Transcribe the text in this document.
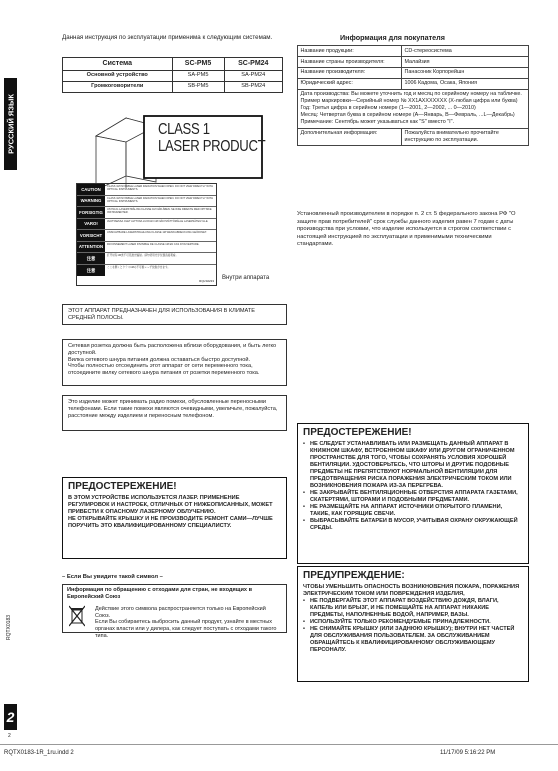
РУССКИЙ ЯЗЫК
RQTX0183
2
2
Данная инструкция по эксплуатации применима к следующим системам.
Система	SC-PM5	SC-PM24
Основной устройство	SA-PM5	SA-PM24
Громкоговорители	SB-PM5	SB-PM24
CLASS 1
LASER PRODUCT
CAUTION
CLASS 1M INVISIBLE LASER RADIATION WHEN OPEN. DO NOT VIEW DIRECTLY WITH OPTICAL INSTRUMENTS.
WARNING
CLASS 1M INVISIBLE LASER RADIATION WHEN OPEN. DO NOT VIEW DIRECTLY WITH OPTICAL INSTRUMENTS.
FORSIGTIG
USYNLIG LASERSTRÅLING KLASSE 1M NÅR ÅBEN. SE IKKE DIREKTE MED OPTISKE INSTRUMENTER.
VARO!
AVATTAESSA OLET ALTTIINA LUOKAN 1M NÄKYMÄTTÖMÄLLE LASERSÄTEILYLLE.
VORSICHT
UNSICHTBARE LASERSTRAHLUNG KLASSE 1M WENN ABDECKUNG GEÖFFNET.
ATTENTION
RAYONNEMENT LASER INVISIBLE DE CLASSE 1M EN CAS D'OUVERTURE.
注意
打开时有1M类不可见激光辐射。请勿使用光学仪器直接观看。
注意
ここを開くとクラス1Mの不可視レーザ放射が出ます。
RQLS0233
Внутри аппарата
Информация для покупателя
Название продукции:	CD-стереосистема
Название страны производителя:	Малайзия
Название производителя:	Панасоник Корпорейшн
Юридический адрес:	1006 Кадома, Осака, Япония
Дата производства: Вы можете уточнить год и месяц по серийному номеру на табличке.
Пример маркировки—Серийный номер № XX1AXXXXXXX (X-любая цифра или буква)
Год: Третья цифра в серийном номере (1—2001, 2—2002, ... 0—2010)
Месяц: Четвертая буква в серийном номере (A—Январь, B—Февраль, ...L—Декабрь)
Примечание: Сентябрь может указываться как "S" вместо "I".	
Дополнительная информация:	Пожалуйста внимательно прочитайте инструкцию по эксплуатации.
Установленный производителем в порядке п. 2 ст. 5 федерального закона РФ "О защите прав потребителей" срок службы данного изделия равен 7 годам с даты производства при условии, что изделие используется в строгом соответствии с настоящей инструкцией по эксплуатации и применимыми техническими стандартами.
ЭТОТ АППАРАТ ПРЕДНАЗНАЧЕН ДЛЯ ИСПОЛЬЗОВАНИЯ В КЛИМАТЕ СРЕДНЕЙ ПОЛОСЫ.
Сетевая розетка должна быть расположена вблизи оборудования, и быть легко доступной.
Вилка сетевого шнура питания должна оставаться быстро доступной.
Чтобы полностью отсоединить этот аппарат от сети переменного тока, отсоедините вилку сетевого шнура питания от розетки переменного тока.
Это изделие может принимать радио помехи, обусловленные переносными телефонами. Если такие помехи являются очевидными, увеличьте, пожалуйста, расстояние между изделием и переносным телефоном.
ПРЕДОСТЕРЕЖЕНИЕ!
В ЭТОМ УСТРОЙСТВЕ ИСПОЛЬЗУЕТСЯ ЛАЗЕР. ПРИМЕНЕНИЕ РЕГУЛИРОВОК И НАСТРОЕК, ОТЛИЧНЫХ ОТ НИЖЕОПИСАННЫХ, МОЖЕТ ПРИВЕСТИ К ОПАСНОМУ ЛАЗЕРНОМУ ОБЛУЧЕНИЮ.
НЕ ОТКРЫВАЙТЕ КРЫШКУ И НЕ ПРОИЗВОДИТЕ РЕМОНТ САМИ—ЛУЧШЕ ПОРУЧИТЬ ЭТО КВАЛИФИЦИРОВАННОМУ СПЕЦИАЛИСТУ.
– Если Вы увидите такой символ –
Информация по обращению с отходами для стран, не входящих в Европейский Союз
Действие этого символа распространяется только на Европейский Союз.
Если Вы собираетесь выбросить данный продукт, узнайте в местных органах власти или у дилера, как следует поступать с отходами такого типа.
ПРЕДОСТЕРЕЖЕНИЕ!
• НЕ СЛЕДУЕТ УСТАНАВЛИВАТЬ ИЛИ РАЗМЕЩАТЬ ДАННЫЙ АППАРАТ В КНИЖНОМ ШКАФУ, ВСТРОЕННОМ ШКАФУ ИЛИ ДРУГОМ ОГРАНИЧЕННОМ ПРОСТРАНСТВЕ ДЛЯ ТОГО, ЧТОБЫ СОХРАНЯТЬ УСЛОВИЯ ХОРОШЕЙ ВЕНТИЛЯЦИИ. УДОСТОВЕРЬТЕСЬ, ЧТО ШТОРЫ И ДРУГИЕ ПОДОБНЫЕ ПРЕДМЕТЫ НЕ ПРЕПЯТСТВУЮТ НОРМАЛЬНОЙ ВЕНТИЛЯЦИИ ДЛЯ ПРЕДОТВРАЩЕНИЯ РИСКА ПОРАЖЕНИЯ ЭЛЕКТРИЧЕСКИМ ТОКОМ ИЛИ ВОЗНИКНОВЕНИЯ ПОЖАРА ИЗ-ЗА ПЕРЕГРЕВА.
• НЕ ЗАКРЫВАЙТЕ ВЕНТИЛЯЦИОННЫЕ ОТВЕРСТИЯ АППАРАТА ГАЗЕТАМИ, СКАТЕРТЯМИ, ШТОРАМИ И ПОДОБНЫМИ ПРЕДМЕТАМИ.
• НЕ РАЗМЕЩАЙТЕ НА АППАРАТ ИСТОЧНИКИ ОТКРЫТОГО ПЛАМЕНИ, ТАКИЕ, КАК ГОРЯЩИЕ СВЕЧИ.
• ВЫБРАСЫВАЙТЕ БАТАРЕИ В МУСОР, УЧИТЫВАЯ ОХРАНУ ОКРУЖАЮЩЕЙ СРЕДЫ.
ПРЕДУПРЕЖДЕНИЕ:
ЧТОБЫ УМЕНЬШИТЬ ОПАСНОСТЬ ВОЗНИКНОВЕНИЯ ПОЖАРА, ПОРАЖЕНИЯ ЭЛЕКТРИЧЕСКИМ ТОКОМ ИЛИ ПОВРЕЖДЕНИЯ ИЗДЕЛИЯ,
• НЕ ПОДВЕРГАЙТЕ ЭТОТ АППАРАТ ВОЗДЕЙСТВИЮ ДОЖДЯ, ВЛАГИ, КАПЕЛЬ ИЛИ БРЫЗГ, И НЕ ПОМЕЩАЙТЕ НА АППАРАТ НИКАКИЕ ПРЕДМЕТЫ, НАПОЛНЕННЫЕ ВОДОЙ, НАПРИМЕР, ВАЗЫ.
• ИСПОЛЬЗУЙТЕ ТОЛЬКО РЕКОМЕНДУЕМЫЕ ПРИНАДЛЕЖНОСТИ.
• НЕ СНИМАЙТЕ КРЫШКУ (ИЛИ ЗАДНЮЮ КРЫШКУ); ВНУТРИ НЕТ ЧАСТЕЙ ДЛЯ ОБСЛУЖИВАНИЯ ПОЛЬЗОВАТЕЛЕМ. ЗА ОБСЛУЖИВАНИЕМ ОБРАЩАЙТЕСЬ К КВАЛИФИЦИРОВАННОМУ ОБСЛУЖИВАЮЩЕМУ ПЕРСОНАЛУ.
RQTX0183-1R_1ru.indd 2	11/17/09 5:16:22 PM
